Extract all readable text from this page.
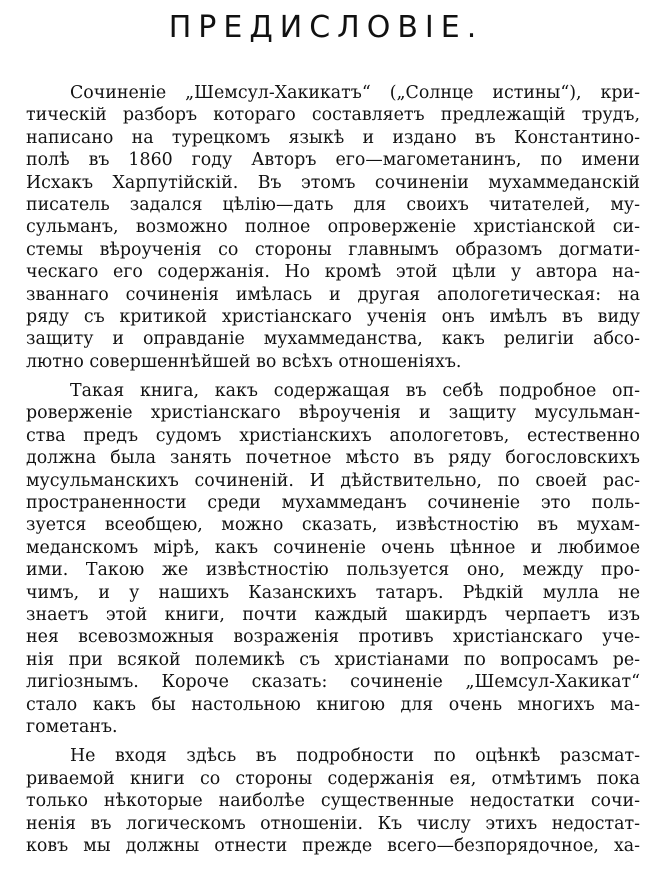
ПРЕДИСЛОВІЕ.
Сочиненіе „Шемсул-Хакикатъ“ („Солнце истины“), кри-
тическій разборъ котораго составляетъ предлежащій трудъ,
написано на турецкомъ языкѣ и издано въ Константино-
полѣ въ 1860 году Авторъ его—магометанинъ, по имени
Исхакъ Харпутійскій. Въ этомъ сочиненіи мухаммеданскій
писатель задался цѣлію—дать для своихъ читателей, му-
сульманъ, возможно полное опроверженіе христіанской си-
стемы вѣроученія со стороны главнымъ образомъ догмати-
ческаго его содержанія. Но кромѣ этой цѣли у автора на-
званнаго сочиненія имѣлась и другая апологетическая: на
ряду съ критикой христіанскаго ученія онъ имѣлъ въ виду
защиту и оправданіе мухаммеданства, какъ религіи абсо-
лютно совершеннѣйшей во всѣхъ отношеніяхъ.
Такая книга, какъ содержащая въ себѣ подробное оп-
роверженіе христіанскаго вѣроученія и защиту мусульман-
ства предъ судомъ христіанскихъ апологетовъ, естественно
должна была занять почетное мѣсто въ ряду богословскихъ
мусульманскихъ сочиненій. И дѣйствительно, по своей рас-
пространенности среди мухаммеданъ сочиненіе это поль-
зуется всеобщею, можно сказать, извѣстностію въ мухам-
меданскомъ мірѣ, какъ сочиненіе очень цѣнное и любимое
ими. Такою же извѣстностію пользуется оно, между про-
чимъ, и у нашихъ Казанскихъ татаръ. Рѣдкій мулла не
знаетъ этой книги, почти каждый шакирдъ черпаетъ изъ
нея всевозможныя возраженія противъ христіанскаго уче-
нія при всякой полемикѣ съ христіанами по вопросамъ ре-
лигіознымъ. Короче сказать: сочиненіе „Шемсул-Хакикат“
стало какъ бы настольною книгою для очень многихъ ма-
гометанъ.
Не входя здѣсь въ подробности по оцѣнкѣ разсмат-
риваемой книги со стороны содержанія ея, отмѣтимъ пока
только нѣкоторые наиболѣе существенные недостатки сочи-
ненія въ логическомъ отношеніи. Къ числу этихъ недостат-
ковъ мы должны отнести прежде всего—безпорядочное, ха-
